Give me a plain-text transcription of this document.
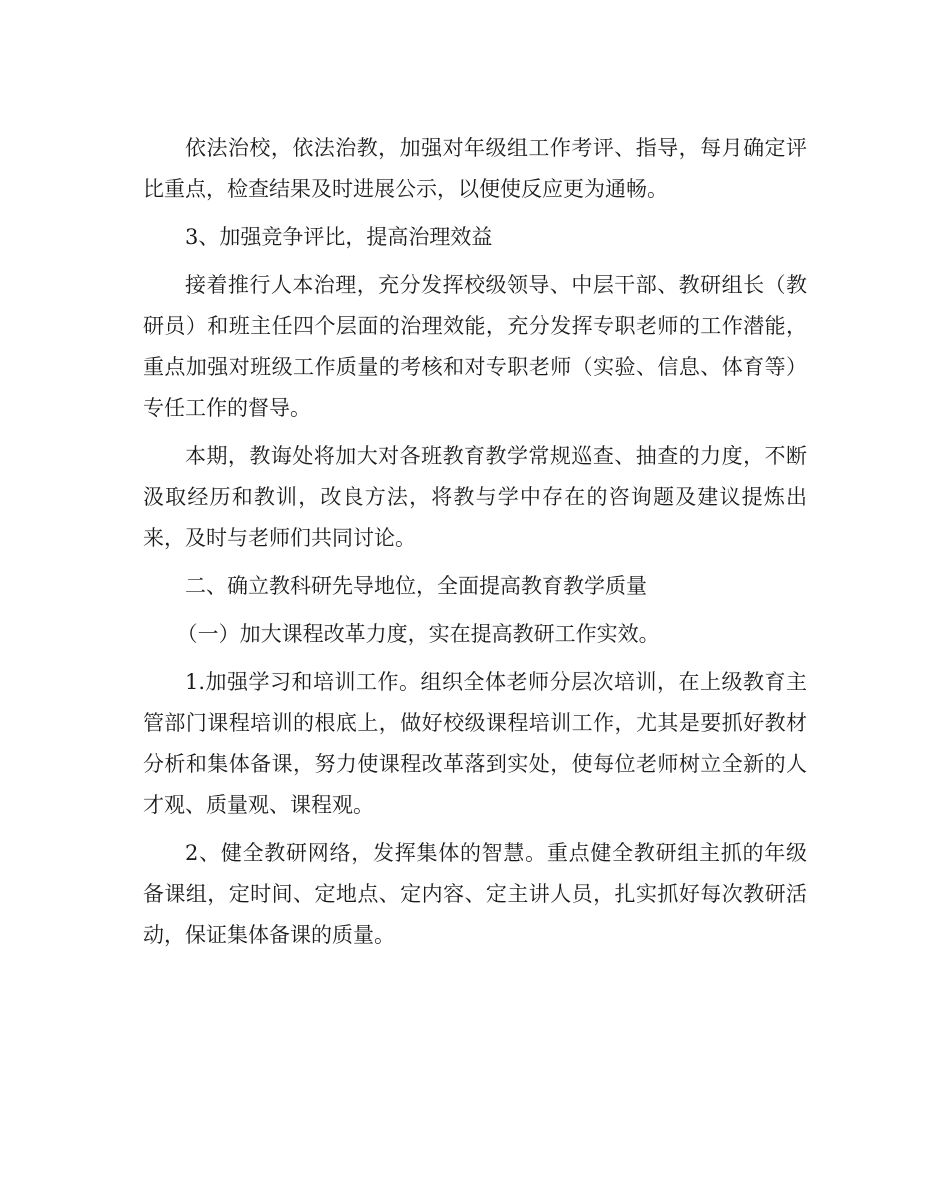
依法治校，依法治教，加强对年级组工作考评、指导，每月确定评比重点，检查结果及时进展公示，以便使反应更为通畅。

3、加强竞争评比，提高治理效益

接着推行人本治理，充分发挥校级领导、中层干部、教研组长（教研员）和班主任四个层面的治理效能，充分发挥专职老师的工作潜能，重点加强对班级工作质量的考核和对专职老师（实验、信息、体育等）专任工作的督导。

本期，教诲处将加大对各班教育教学常规巡查、抽查的力度，不断汲取经历和教训，改良方法，将教与学中存在的咨询题及建议提炼出来，及时与老师们共同讨论。

二、确立教科研先导地位，全面提高教育教学质量

（一）加大课程改革力度，实在提高教研工作实效。

1.加强学习和培训工作。组织全体老师分层次培训，在上级教育主管部门课程培训的根底上，做好校级课程培训工作，尤其是要抓好教材分析和集体备课，努力使课程改革落到实处，使每位老师树立全新的人才观、质量观、课程观。

2、健全教研网络，发挥集体的智慧。重点健全教研组主抓的年级备课组，定时间、定地点、定内容、定主讲人员，扎实抓好每次教研活动，保证集体备课的质量。
